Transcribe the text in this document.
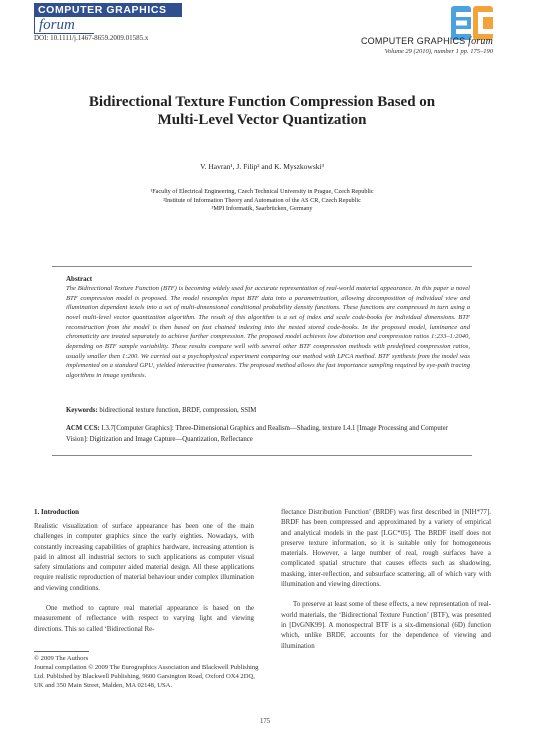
COMPUTER GRAPHICS
forum
DOI: 10.1111/j.1467-8659.2009.01585.x	COMPUTER GRAPHICS forum
Volume 29 (2010), number 1 pp. 175–190
Bidirectional Texture Function Compression Based on
Multi-Level Vector Quantization
V. Havran¹, J. Filip² and K. Myszkowski³
¹Faculty of Electrical Engineering, Czech Technical University in Prague, Czech Republic
²Institute of Information Theory and Automation of the AS CR, Czech Republic
³MPI Informatik, Saarbrücken, Germany
Abstract
The Bidirectional Texture Function (BTF) is becoming widely used for accurate representation of real-world material appearance. In this paper a novel BTF compression model is proposed. The model resamples input BTF data into a parametrization, allowing decomposition of individual view and illumination dependent texels into a set of multi-dimensional conditional probability density functions. These functions are compressed in turn using a novel multi-level vector quantization algorithm. The result of this algorithm is a set of index and scale code-books for individual dimensions. BTF reconstruction from the model is then based on fast chained indexing into the nested stored code-books. In the proposed model, luminance and chromaticity are treated separately to achieve further compression. The proposed model achieves low distortion and compression ratios 1:233–1:2040, depending on BTF sample variability. These results compare well with several other BTF compression methods with predefined compression ratios, usually smaller then 1:200. We carried out a psychophysical experiment comparing our method with LPCA method. BTF synthesis from the model was implemented on a standard GPU, yielded interactive framerates. The proposed method allows the fast importance sampling required by eye-path tracing algorithms in image synthesis.
Keywords: bidirectional texture function, BRDF, compression, SSIM
ACM CCS: I.3.7[Computer Graphics]: Three-Dimensional Graphics and Realism—Shading, texture I.4.1 [Image Processing and Computer Vision]: Digitization and Image Capture—Quantization, Reflectance
1. Introduction

Realistic visualization of surface appearance has been one of the main challenges in computer graphics since the early eighties. Nowadays, with constantly increasing capabilities of graphics hardware, increasing attention is paid in almost all industrial sectors to such applications as computer visual safety simulations and computer aided material design. All these applications require realistic reproduction of material behaviour under complex illumination and viewing conditions.

One method to capture real material appearance is based on the measurement of reflectance with respect to varying light and viewing directions. This so called ‘Bidirectional Re-

flectance Distribution Function’ (BRDF) was first described in [NIH*77]. BRDF has been compressed and approximated by a variety of empirical and analytical models in the past [LGC*05]. The BRDF itself does not preserve texture information, so it is suitable only for homogeneous materials. However, a large number of real, rough surfaces have a complicated spatial structure that causes effects such as shadowing, masking, inter-reflection, and subsurface scattering, all of which vary with illumination and viewing directions.

To preserve at least some of these effects, a new representation of real-world materials, the ‘Bidirectional Texture Function’ (BTF), was presented in [DvGNK99]. A monospectral BTF is a six-dimensional (6D) function which, unlike BRDF, accounts for the dependence of viewing and illumination

© 2009 The Authors
Journal compilation © 2009 The Eurographics Association and Blackwell Publishing Ltd. Published by Blackwell Publishing, 9600 Garsington Road, Oxford OX4 2DQ, UK and 350 Main Street, Malden, MA 02148, USA.
175
